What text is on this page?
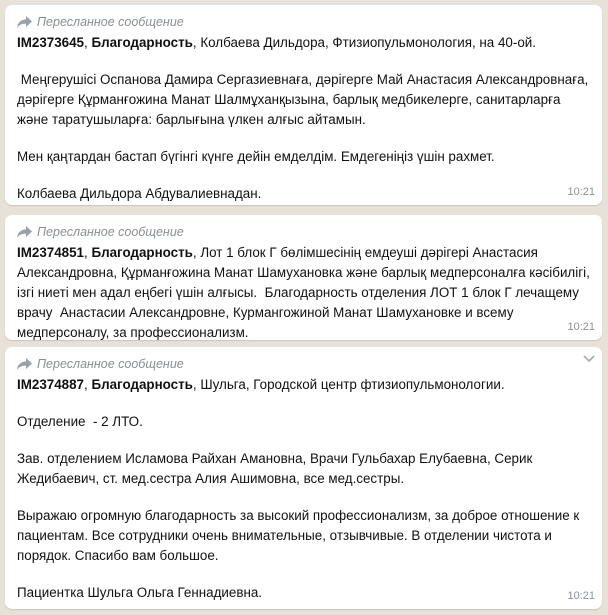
Пересланное сообщение

IM2373645, Благодарность, Колбаева Дильдора, Фтизиопульмонология, на 40-ой.

Меңгерушісі Оспанова Дамира Сергазиевнаға, дәрігерге Май Анастасия Александровнаға, дәрігерге Құрманғожина Манат Шалмұханқызына, барлық медбикелерге, санитарларға және таратушыларға: барлығына үлкен алғыс айтамын.

Мен қаңтардан бастап бүгінгі күнге дейін емделдім. Емдегеніңіз үшін рахмет.

Колбаева Дильдора Абдувалиевнадан.	10:21
Пересланное сообщение

IM2374851, Благодарность, Лот 1 блок Г бөлімшесінің емдеуші дәрігері Анастасия Александровна, Құрманғожина Манат Шамухановка және барлық медперсоналға кәсібилігі, ізгі ниеті мен адал еңбегі үшін алғысы.  Благодарность отделения ЛОТ 1 блок Г лечащему врачу  Анастасии Александровне, Курмангожиной Манат Шамухановке и всему медперсоналу, за профессионализм.	10:21
Пересланное сообщение

IM2374887, Благодарность, Шульга, Городской центр фтизиопульмонологии.

Отделение  - 2 ЛТО.

Зав. отделением Исламова Райхан Амановна, Врачи Гульбахар Елубаевна, Серик Жедибаевич, ст. мед.сестра Алия Ашимовна, все мед.сестры.

Выражаю огромную благодарность за высокий профессионализм, за доброе отношение к пациентам. Все сотрудники очень внимательные, отзывчивые. В отделении чистота и порядок. Спасибо вам большое.

Пациентка Шульга Ольга Геннадиевна.	10:21
